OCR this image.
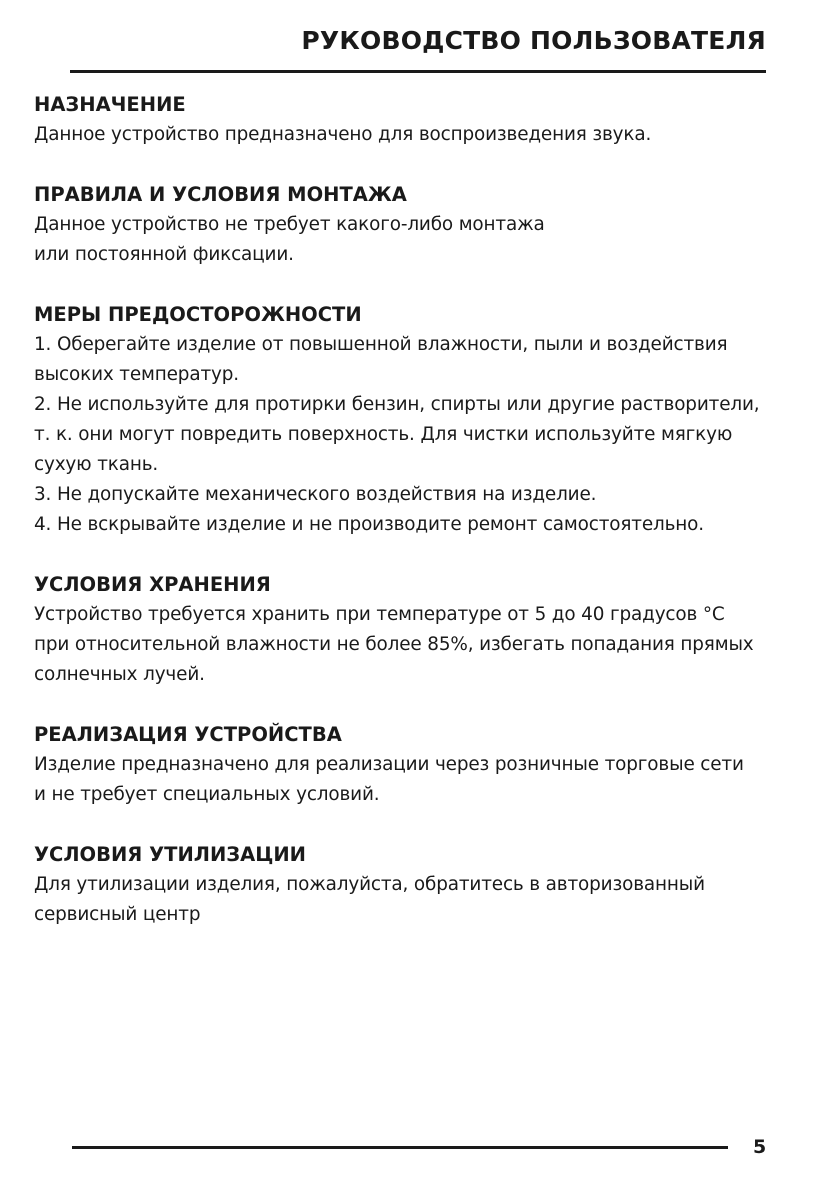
РУКОВОДСТВО ПОЛЬЗОВАТЕЛЯ
НАЗНАЧЕНИЕ
Данное устройство предназначено для воспроизведения звука.
ПРАВИЛА И УСЛОВИЯ МОНТАЖА
Данное устройство не требует какого-либо монтажа
или постоянной фиксации.
МЕРЫ ПРЕДОСТОРОЖНОСТИ
1. Оберегайте изделие от повышенной влажности, пыли и воздействия
высоких температур.
2. Не используйте для протирки бензин, спирты или другие растворители,
т. к. они могут повредить поверхность. Для чистки используйте мягкую
сухую ткань.
3. Не допускайте механического воздействия на изделие.
4. Не вскрывайте изделие и не производите ремонт самостоятельно.
УСЛОВИЯ ХРАНЕНИЯ
Устройство требуется хранить при температуре от 5 до 40 градусов °С
при относительной влажности не более 85%, избегать попадания прямых
солнечных лучей.
РЕАЛИЗАЦИЯ УСТРОЙСТВА
Изделие предназначено для реализации через розничные торговые сети
и не требует специальных условий.
УСЛОВИЯ УТИЛИЗАЦИИ
Для утилизации изделия, пожалуйста, обратитесь в авторизованный
сервисный центр
5
